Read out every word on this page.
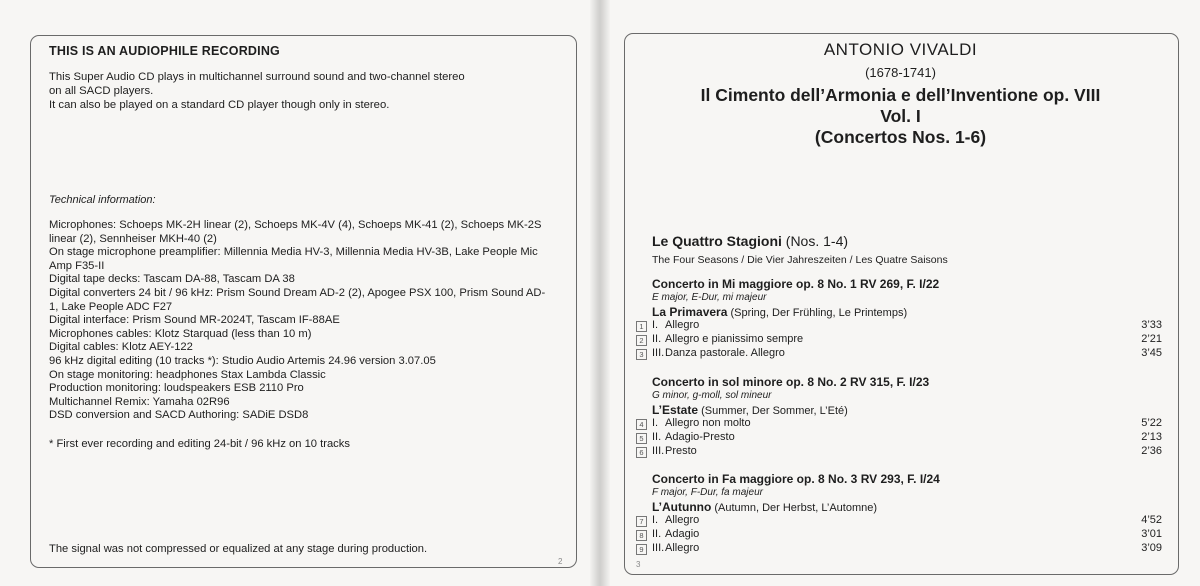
THIS IS AN AUDIOPHILE RECORDING
This Super Audio CD plays in multichannel surround sound and two-channel stereo
on all SACD players.
It can also be played on a standard CD player though only in stereo.
Technical information:
Microphones: Schoeps MK-2H linear (2), Schoeps MK-4V (4), Schoeps MK-41 (2), Schoeps MK-2S
linear (2), Sennheiser MKH-40 (2)
On stage microphone preamplifier: Millennia Media HV-3, Millennia Media HV-3B, Lake People Mic
Amp F35-II
Digital tape decks: Tascam DA-88, Tascam DA 38
Digital converters 24 bit / 96 kHz: Prism Sound Dream AD-2 (2), Apogee PSX 100, Prism Sound AD-
1, Lake People ADC F27
Digital interface: Prism Sound MR-2024T, Tascam IF-88AE
Microphones cables: Klotz Starquad (less than 10 m)
Digital cables: Klotz AEY-122
96 kHz digital editing (10 tracks *): Studio Audio Artemis 24.96 version 3.07.05
On stage monitoring: headphones Stax Lambda Classic
Production monitoring: loudspeakers ESB 2110 Pro
Multichannel Remix: Yamaha 02R96
DSD conversion and SACD Authoring: SADiE DSD8
* First ever recording and editing 24-bit / 96 kHz on 10 tracks
The signal was not compressed or equalized at any stage during production.
2
ANTONIO VIVALDI
(1678-1741)
Il Cimento dell’Armonia e dell’Inventione op. VIII
Vol. I
(Concertos Nos. 1-6)
Le Quattro Stagioni (Nos. 1-4)
The Four Seasons / Die Vier Jahreszeiten / Les Quatre Saisons
Concerto in Mi maggiore op. 8 No. 1 RV 269, F. I/22
E major, E-Dur, mi majeur
La Primavera (Spring, Der Frühling, Le Printemps)
1 I. Allegro	3’33
2 II. Allegro e pianissimo sempre	2’21
3 III. Danza pastorale. Allegro	3’45
Concerto in sol minore op. 8 No. 2 RV 315, F. I/23
G minor, g-moll, sol mineur
L’Estate (Summer, Der Sommer, L’Eté)
4 I. Allegro non molto	5’22
5 II. Adagio-Presto	2’13
6 III. Presto	2’36
Concerto in Fa maggiore op. 8 No. 3 RV 293, F. I/24
F major, F-Dur, fa majeur
L’Autunno (Autumn, Der Herbst, L’Automne)
7 I. Allegro	4’52
8 II. Adagio	3’01
9 III. Allegro	3’09
3
